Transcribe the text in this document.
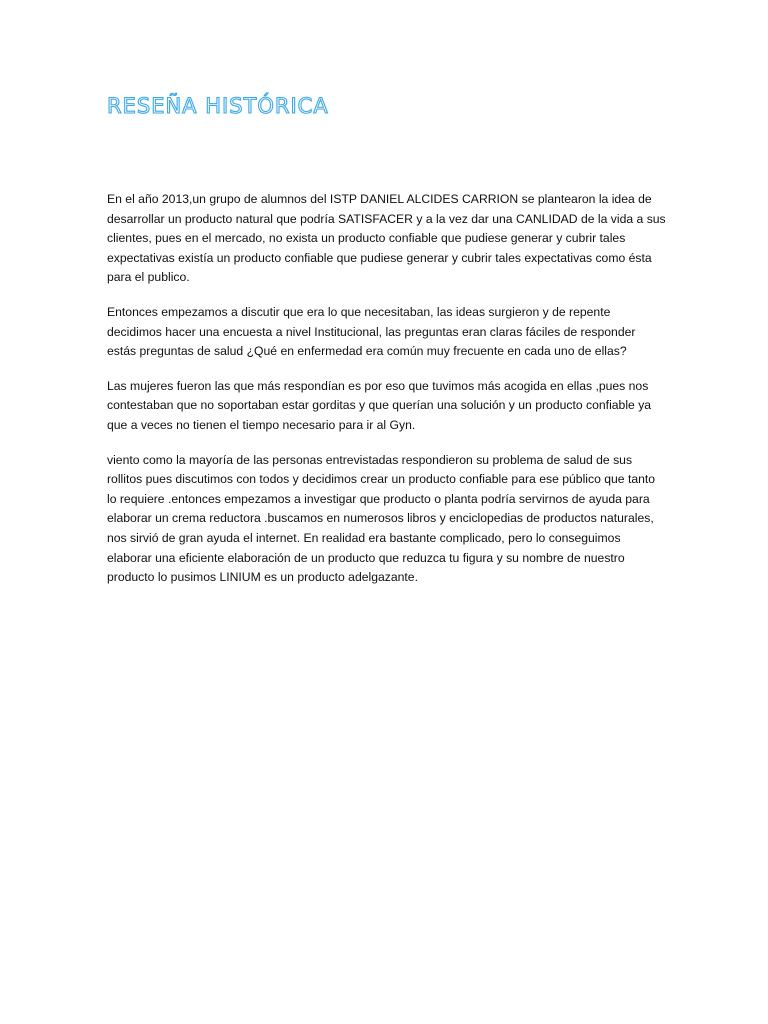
RESEÑA HISTÓRICA

En el año 2013,un grupo de alumnos del ISTP DANIEL ALCIDES CARRION se plantearon la idea de desarrollar un producto natural que podría SATISFACER y a la vez dar una CANLIDAD de la vida a sus clientes, pues en el mercado, no exista un producto confiable que pudiese generar y cubrir tales expectativas existía un producto confiable que pudiese generar y cubrir tales expectativas como ésta para el publico.

Entonces empezamos a discutir que era lo que necesitaban, las ideas surgieron y de repente decidimos hacer una encuesta a nivel Institucional, las preguntas eran claras fáciles de responder estás preguntas de salud ¿Qué en enfermedad era común muy frecuente en cada uno de ellas?

Las mujeres fueron las que más respondían es por eso que tuvimos más acogida en ellas ,pues nos contestaban que no soportaban estar gorditas y que querían una solución y un producto confiable ya que a veces no tienen el tiempo necesario para ir al Gyn.

viento como la mayoría de las personas entrevistadas respondieron su problema de salud de sus rollitos pues discutimos con todos y decidimos crear un producto confiable para ese público que tanto lo requiere .entonces empezamos a investigar que producto o planta podría servirnos de ayuda para elaborar un crema reductora .buscamos en numerosos libros y enciclopedias de productos naturales, nos sirvió de gran ayuda el internet. En realidad era bastante complicado, pero lo conseguimos elaborar una eficiente elaboración de un producto que reduzca tu figura y su nombre de nuestro producto lo pusimos LINIUM es un producto adelgazante.
